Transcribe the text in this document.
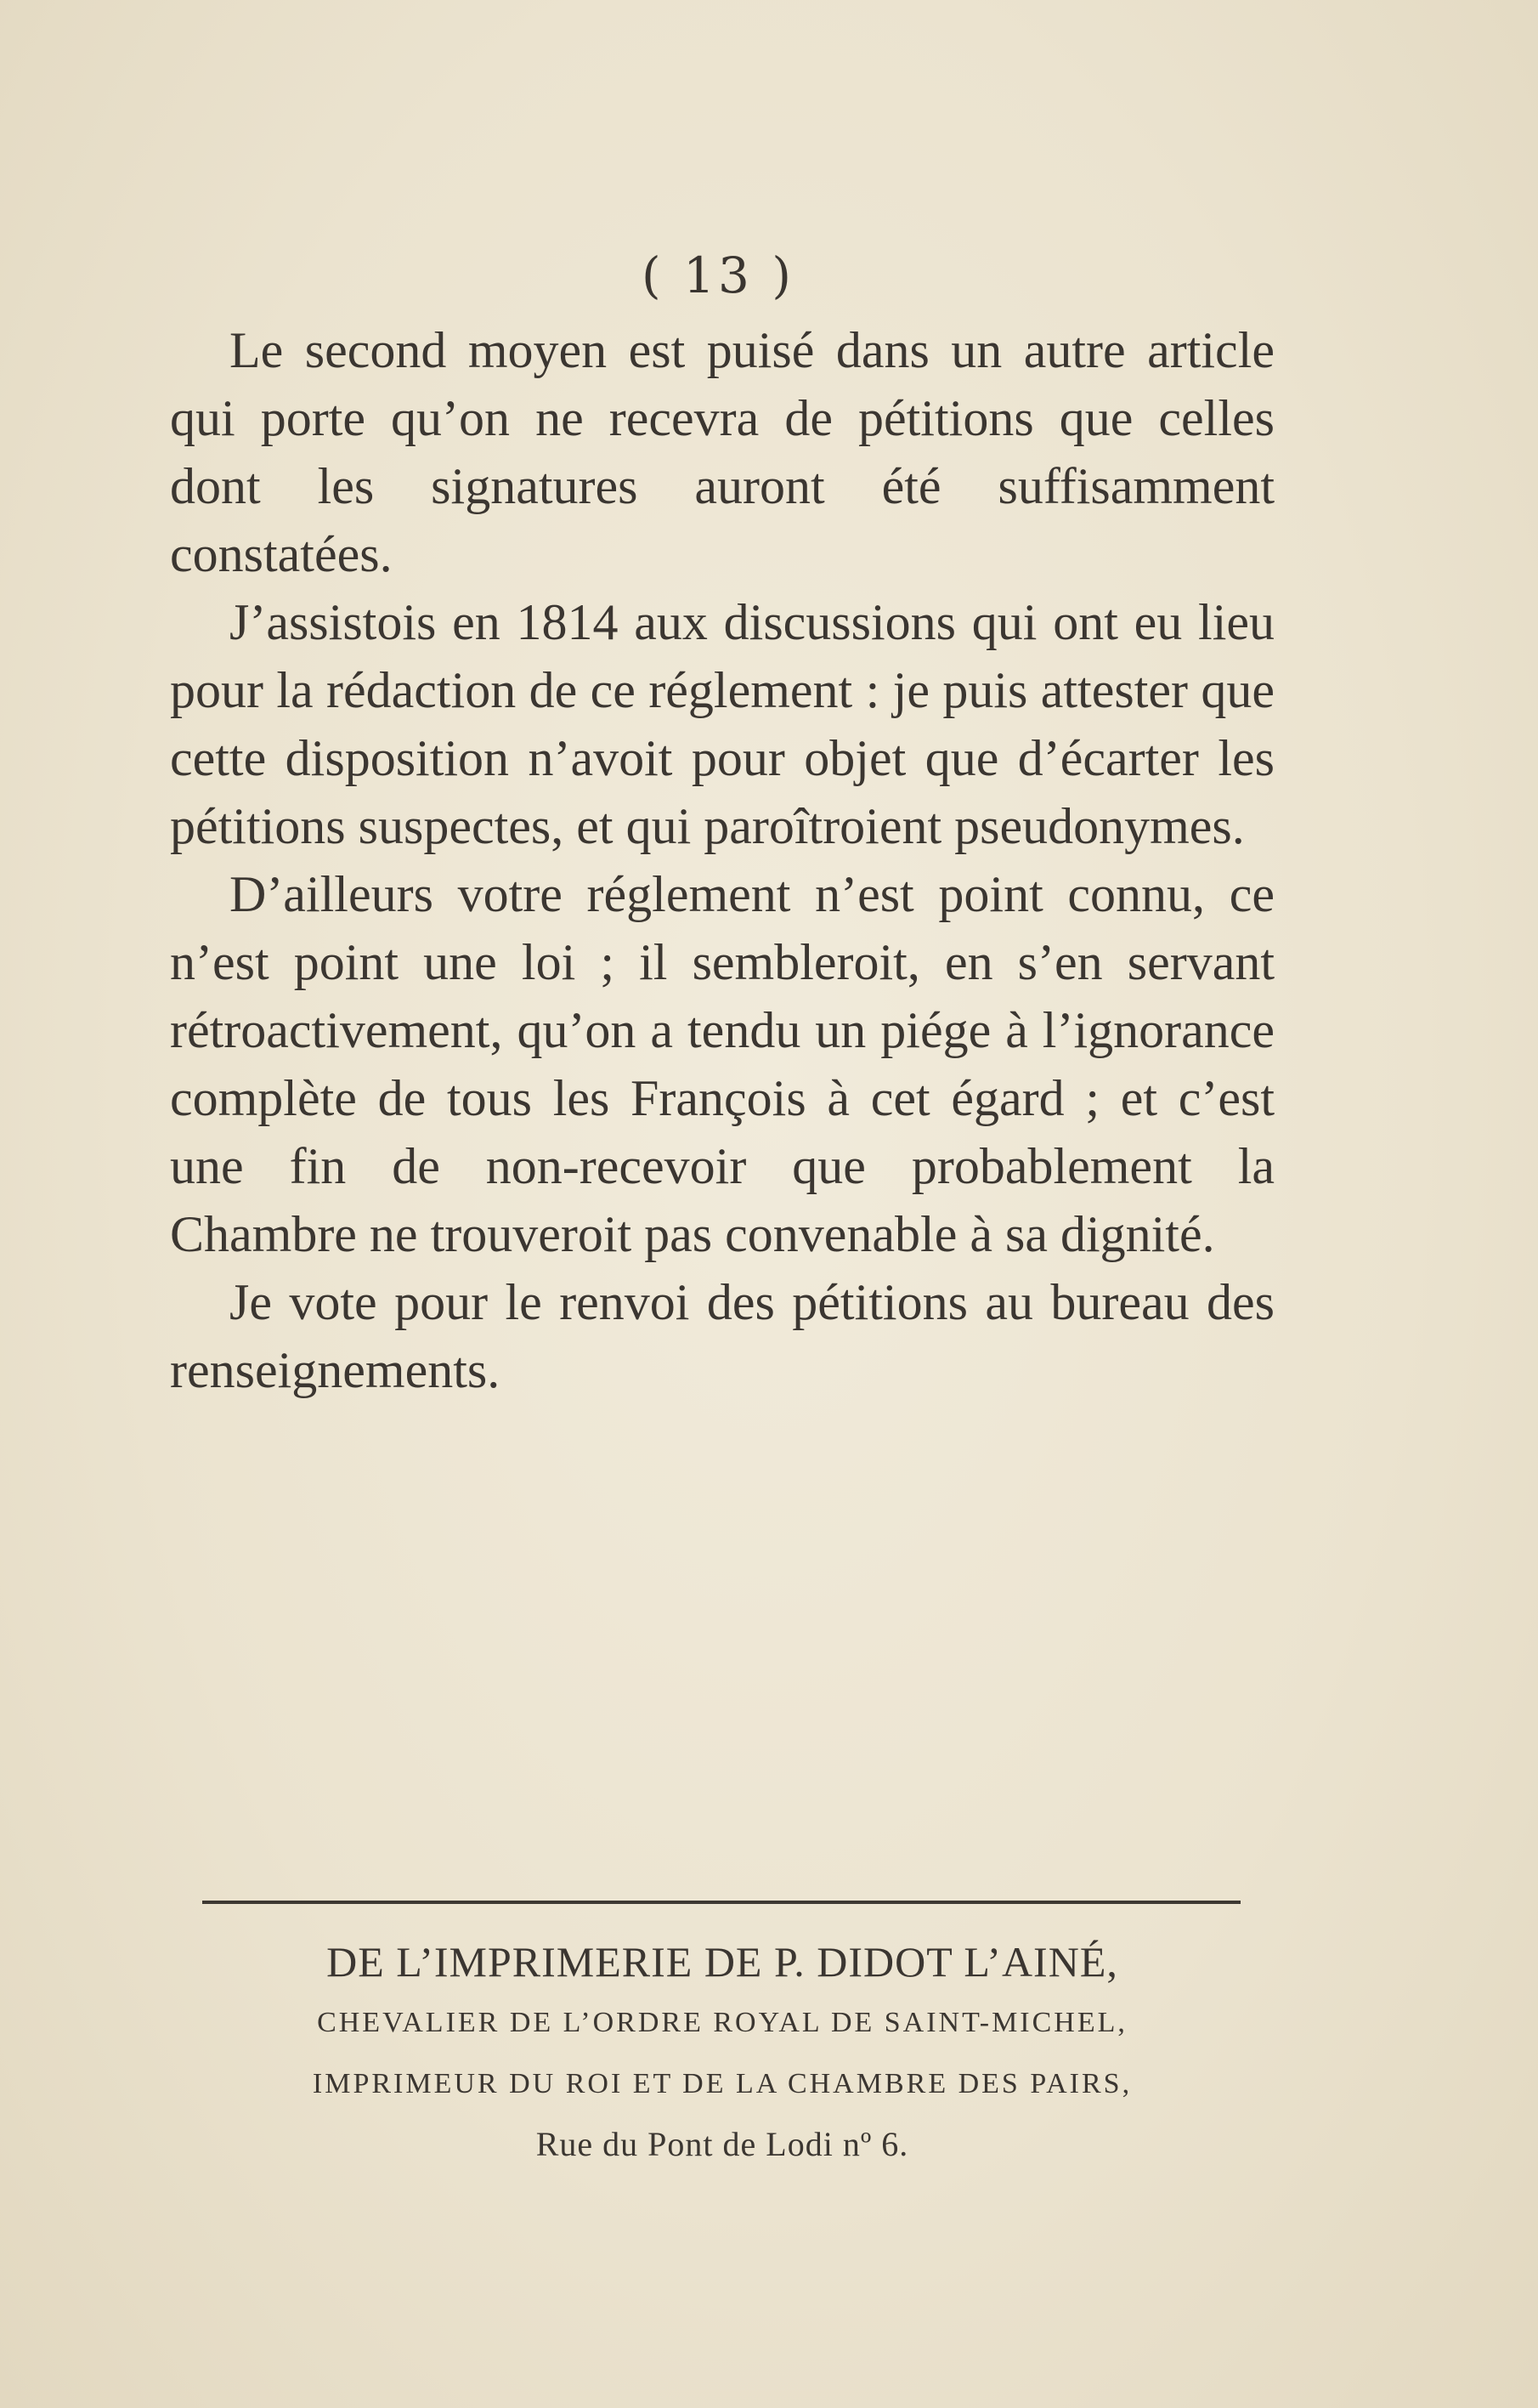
( 13 )

Le second moyen est puisé dans un autre article qui porte qu’on ne recevra de pétitions que celles dont les signatures auront été suffisamment constatées.

J’assistois en 1814 aux discussions qui ont eu lieu pour la rédaction de ce réglement : je puis attester que cette disposition n’avoit pour objet que d’écarter les pétitions suspectes, et qui paroîtroient pseudonymes.

D’ailleurs votre réglement n’est point connu, ce n’est point une loi ; il sembleroit, en s’en servant rétroactivement, qu’on a tendu un piége à l’ignorance complète de tous les François à cet égard ; et c’est une fin de non-recevoir que probablement la Chambre ne trouveroit pas convenable à sa dignité.

Je vote pour le renvoi des pétitions au bureau des renseignements.

DE L’IMPRIMERIE DE P. DIDOT L’AINÉ,
CHEVALIER DE L’ORDRE ROYAL DE SAINT-MICHEL,
IMPRIMEUR DU ROI ET DE LA CHAMBRE DES PAIRS,
Rue du Pont de Lodi nº 6.
